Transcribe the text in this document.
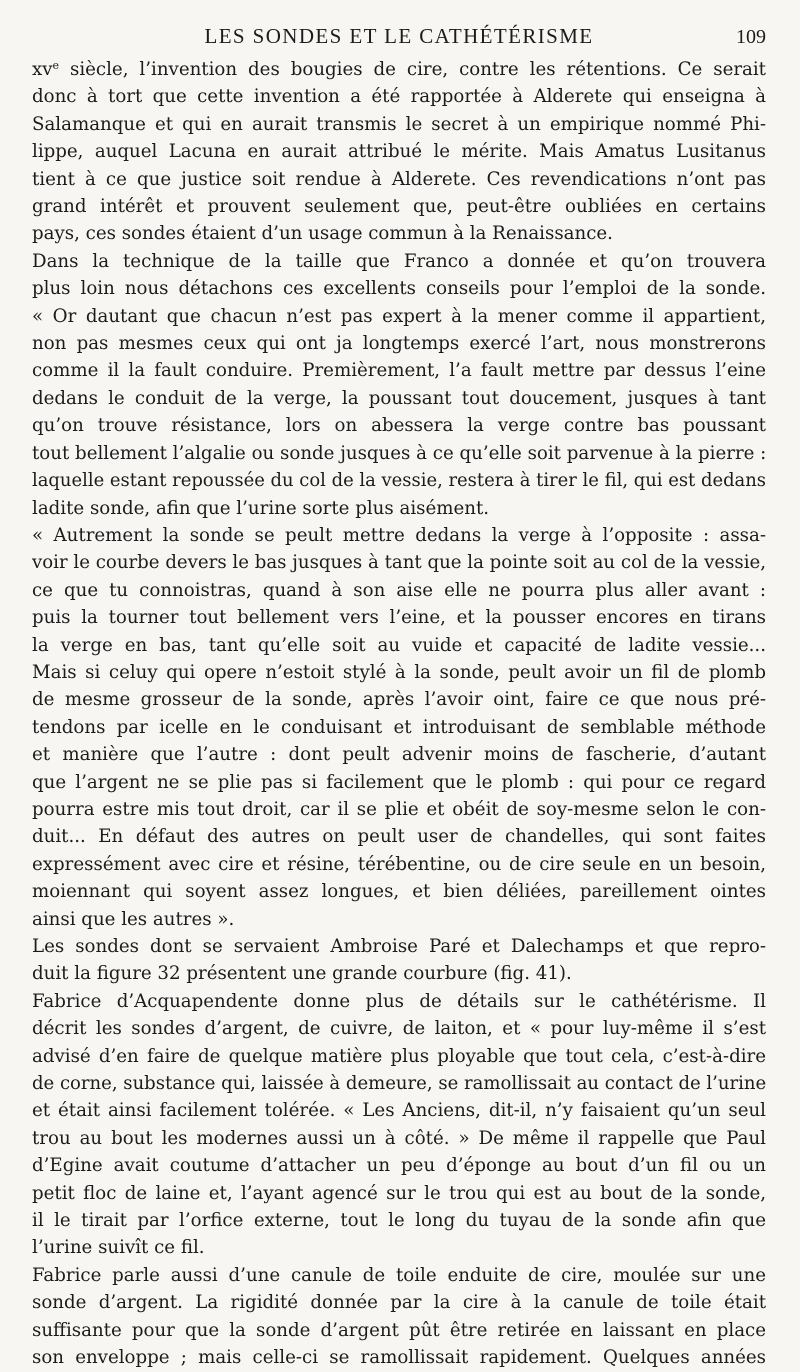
LES SONDES ET LE CATHÉTÉRISME	109
$xv^e$ siècle, l’invention des bougies de cire, contre les rétentions. Ce serait
donc à tort que cette invention a été rapportée à Alderete qui enseigna à
Salamanque et qui en aurait transmis le secret à un empirique nommé Phi-
lippe, auquel Lacuna en aurait attribué le mérite. Mais Amatus Lusitanus
tient à ce que justice soit rendue à Alderete. Ces revendications n’ont pas
grand intérêt et prouvent seulement que, peut-être oubliées en certains
pays, ces sondes étaient d’un usage commun à la Renaissance.
Dans la technique de la taille que Franco a donnée et qu’on trouvera
plus loin nous détachons ces excellents conseils pour l’emploi de la sonde.
« Or dautant que chacun n’est pas expert à la mener comme il appartient,
non pas mesmes ceux qui ont ja longtemps exercé l’art, nous monstrerons
comme il la fault conduire. Premièrement, l’a fault mettre par dessus l’eine
dedans le conduit de la verge, la poussant tout doucement, jusques à tant
qu’on trouve résistance, lors on abessera la verge contre bas poussant
tout bellement l’algalie ou sonde jusques à ce qu’elle soit parvenue à la pierre :
laquelle estant repoussée du col de la vessie, restera à tirer le fil, qui est dedans
ladite sonde, afin que l’urine sorte plus aisément.
« Autrement la sonde se peult mettre dedans la verge à l’opposite : assa-
voir le courbe devers le bas jusques à tant que la pointe soit au col de la vessie,
ce que tu connoistras, quand à son aise elle ne pourra plus aller avant :
puis la tourner tout bellement vers l’eine, et la pousser encores en tirans
la verge en bas, tant qu’elle soit au vuide et capacité de ladite vessie...
Mais si celuy qui opere n’estoit stylé à la sonde, peult avoir un fil de plomb
de mesme grosseur de la sonde, après l’avoir oint, faire ce que nous pré-
tendons par icelle en le conduisant et introduisant de semblable méthode
et manière que l’autre : dont peult advenir moins de fascherie, d’autant
que l’argent ne se plie pas si facilement que le plomb : qui pour ce regard
pourra estre mis tout droit, car il se plie et obéit de soy-mesme selon le con-
duit... En défaut des autres on peult user de chandelles, qui sont faites
expressément avec cire et résine, térébentine, ou de cire seule en un besoin,
moiennant qui soyent assez longues, et bien déliées, pareillement ointes
ainsi que les autres ».
Les sondes dont se servaient Ambroise Paré et Dalechamps et que repro-
duit la figure 32 présentent une grande courbure (fig. 41).
Fabrice d’Acquapendente donne plus de détails sur le cathétérisme. Il
décrit les sondes d’argent, de cuivre, de laiton, et « pour luy-même il s’est
advisé d’en faire de quelque matière plus ployable que tout cela, c’est-à-dire
de corne, substance qui, laissée à demeure, se ramollissait au contact de l’urine
et était ainsi facilement tolérée. « Les Anciens, dit-il, n’y faisaient qu’un seul
trou au bout les modernes aussi un à côté. » De même il rappelle que Paul
d’Egine avait coutume d’attacher un peu d’éponge au bout d’un fil ou un
petit floc de laine et, l’ayant agencé sur le trou qui est au bout de la sonde,
il le tirait par l’orfice externe, tout le long du tuyau de la sonde afin que
l’urine suivît ce fil.
Fabrice parle aussi d’une canule de toile enduite de cire, moulée sur une
sonde d’argent. La rigidité donnée par la cire à la canule de toile était
suffisante pour que la sonde d’argent pût être retirée en laissant en place
son enveloppe ; mais celle-ci se ramollissait rapidement. Quelques années
